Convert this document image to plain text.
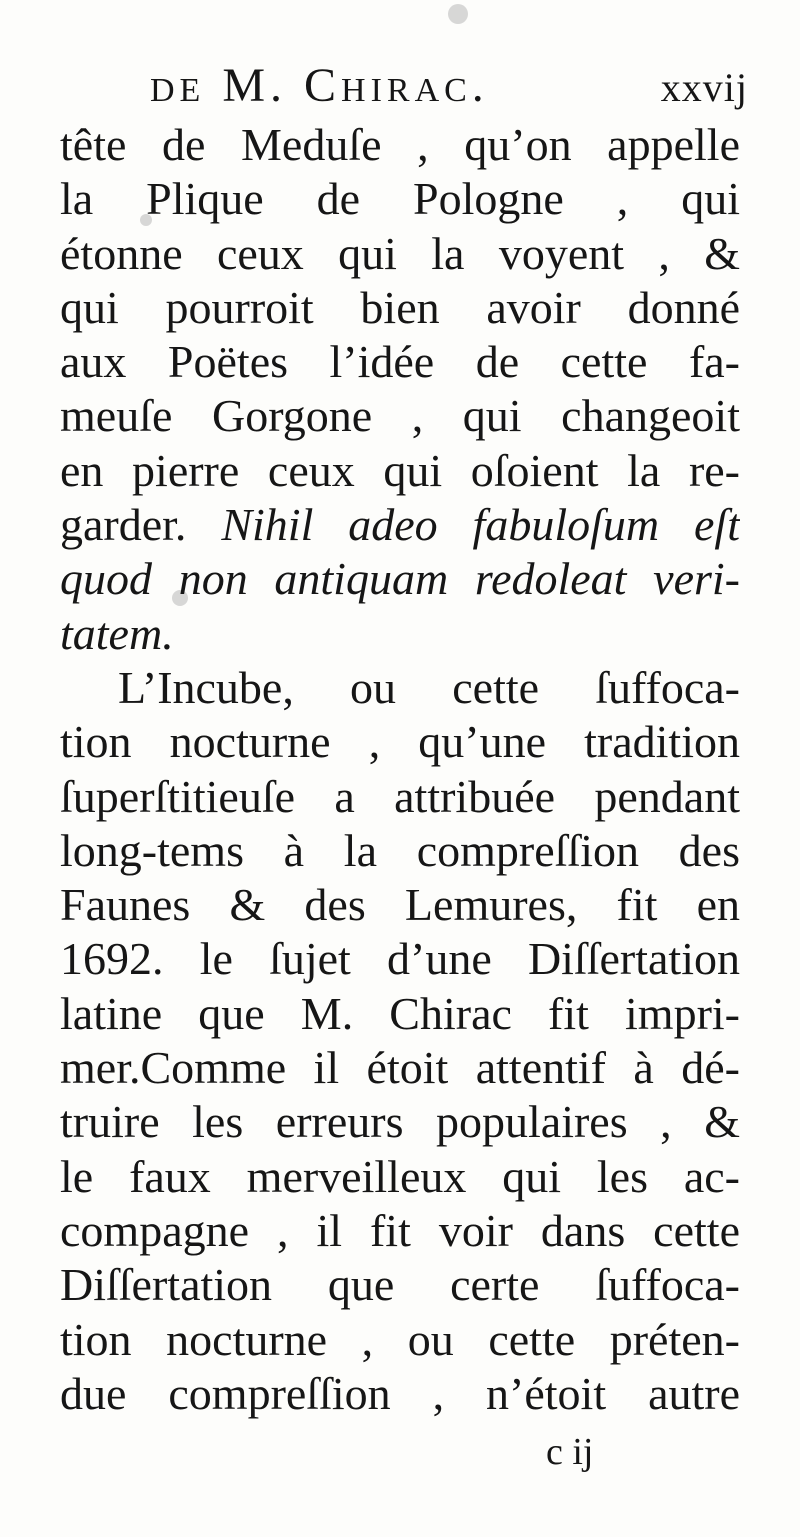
de M. Chirac.	xxvij
tête de Meduſe , qu’on appelle
la Plique de Pologne , qui
étonne ceux qui la voyent , &
qui pourroit bien avoir donné
aux Poëtes l’idée de cette fa-
meuſe Gorgone , qui changeoit
en pierre ceux qui oſoient la re-
garder. Nihil adeo fabuloſum eſt
quod non antiquam redoleat veri-
tatem.
L’Incube, ou cette ſuffoca-
tion nocturne , qu’une tradition
ſuperſtitieuſe a attribuée pendant
long-tems à la compreſſion des
Faunes & des Lemures, fit en
1692. le ſujet d’une Diſſertation
latine que M. Chirac fit impri-
mer.Comme il étoit attentif à dé-
truire les erreurs populaires , &
le faux merveilleux qui les ac-
compagne , il fit voir dans cette
Diſſertation que certe ſuffoca-
tion nocturne , ou cette préten-
due compreſſion , n’étoit autre
c ij
